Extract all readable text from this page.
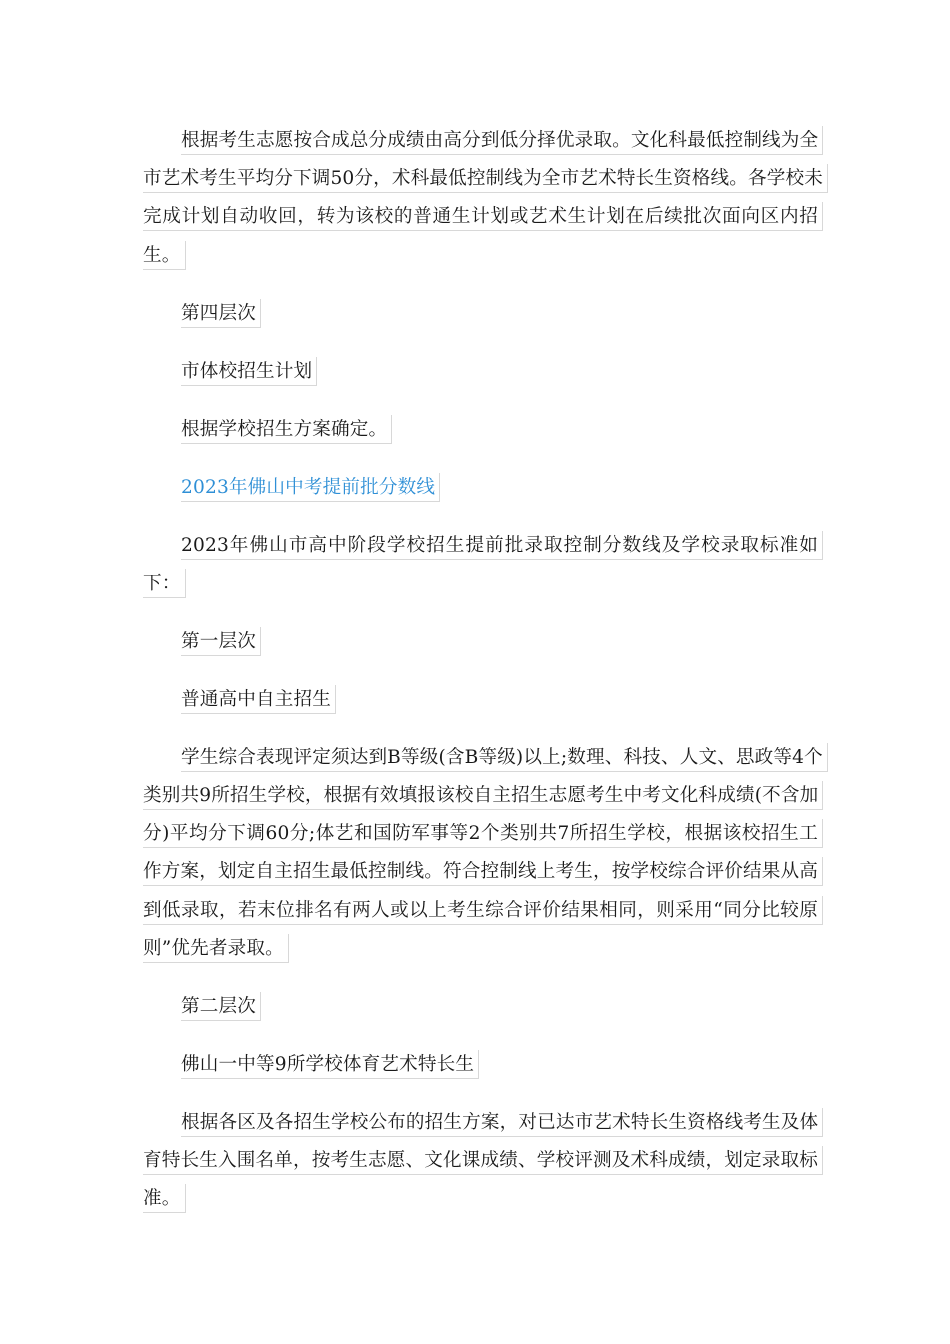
根据考生志愿按合成总分成绩由高分到低分择优录取。文化科最低控制线为全市艺术考生平均分下调50分，术科最低控制线为全市艺术特长生资格线。各学校未完成计划自动收回，转为该校的普通生计划或艺术生计划在后续批次面向区内招生。

第四层次

市体校招生计划

根据学校招生方案确定。

2023年佛山中考提前批分数线

2023年佛山市高中阶段学校招生提前批录取控制分数线及学校录取标准如下：

第一层次

普通高中自主招生

学生综合表现评定须达到B等级(含B等级)以上;数理、科技、人文、思政等4个类别共9所招生学校，根据有效填报该校自主招生志愿考生中考文化科成绩(不含加分)平均分下调60分;体艺和国防军事等2个类别共7所招生学校，根据该校招生工作方案，划定自主招生最低控制线。符合控制线上考生，按学校综合评价结果从高到低录取，若末位排名有两人或以上考生综合评价结果相同，则采用“同分比较原则”优先者录取。

第二层次

佛山一中等9所学校体育艺术特长生

根据各区及各招生学校公布的招生方案，对已达市艺术特长生资格线考生及体育特长生入围名单，按考生志愿、文化课成绩、学校评测及术科成绩，划定录取标准。
